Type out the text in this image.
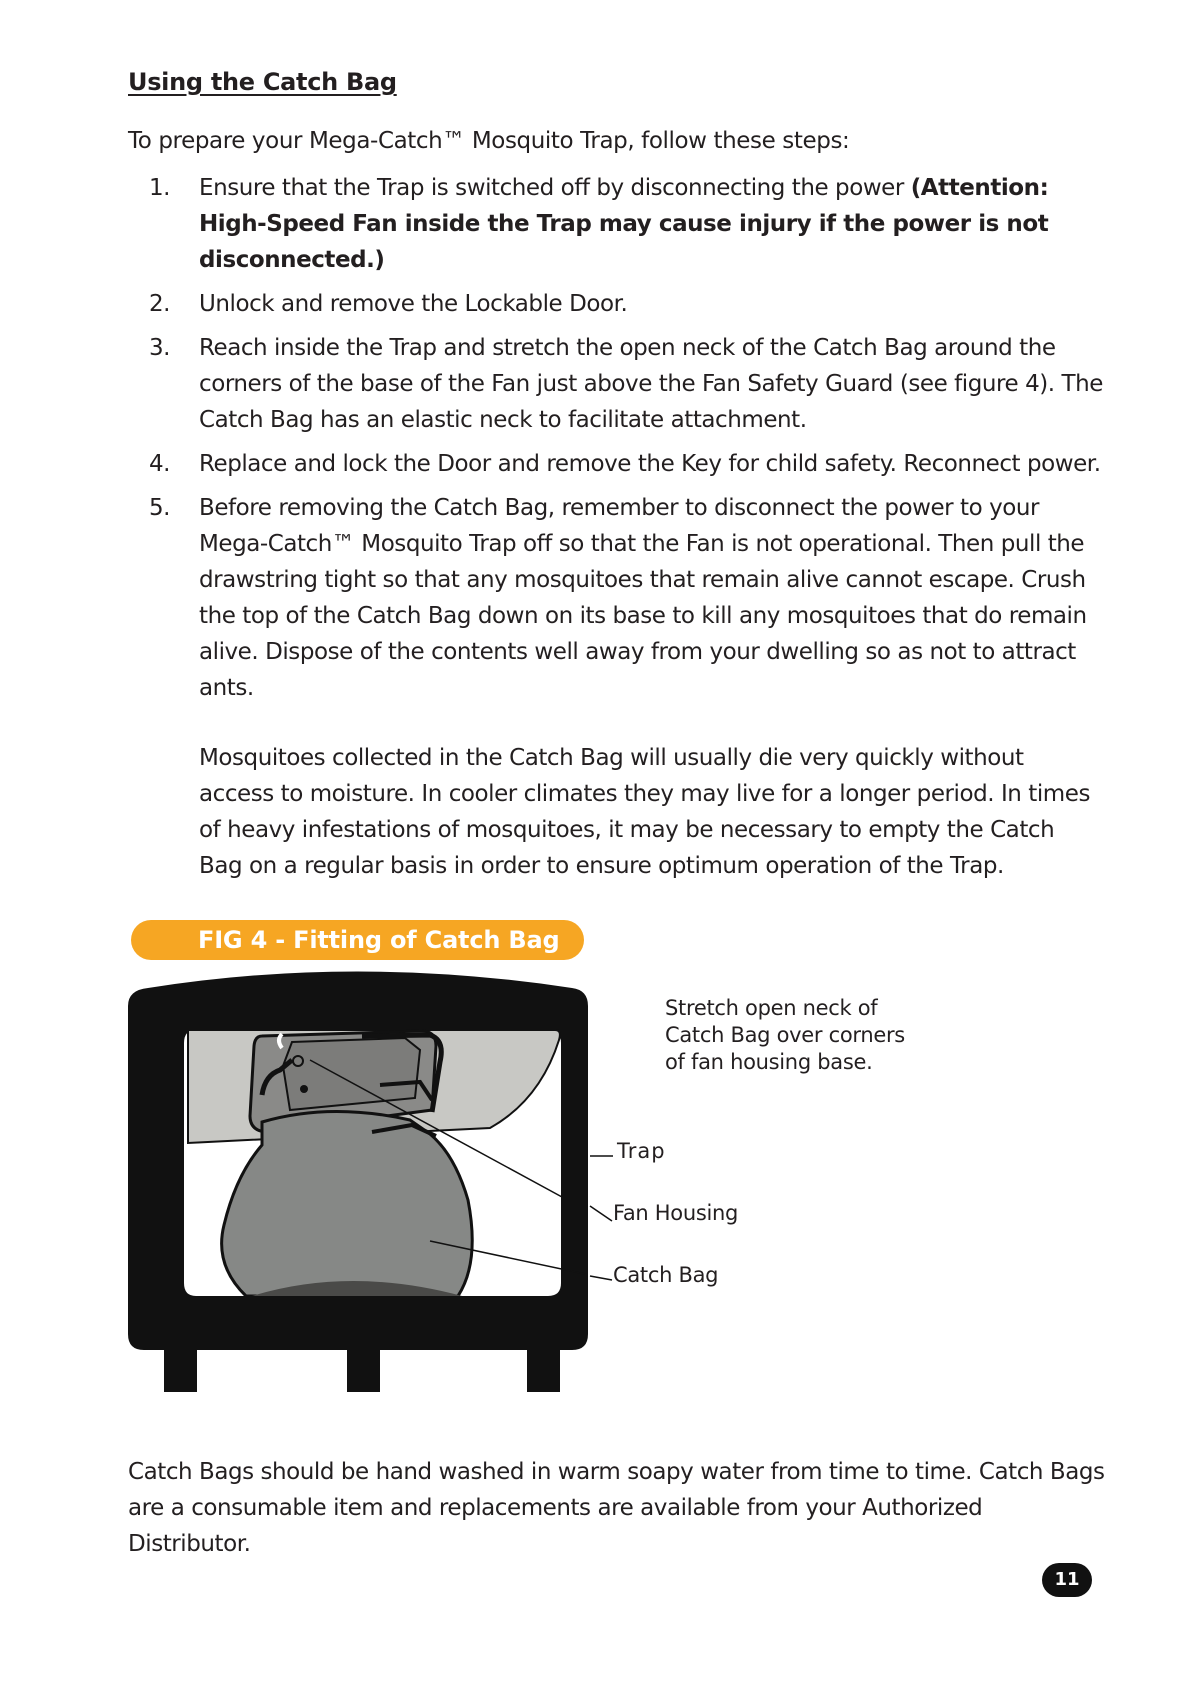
Using the Catch Bag

To prepare your Mega-Catch™ Mosquito Trap, follow these steps:

1. Ensure that the Trap is switched off by disconnecting the power (Attention: High-Speed Fan inside the Trap may cause injury if the power is not disconnected.)
2. Unlock and remove the Lockable Door.
3. Reach inside the Trap and stretch the open neck of the Catch Bag around the corners of the base of the Fan just above the Fan Safety Guard (see figure 4). The Catch Bag has an elastic neck to facilitate attachment.
4. Replace and lock the Door and remove the Key for child safety. Reconnect power.
5. Before removing the Catch Bag, remember to disconnect the power to your Mega-Catch™ Mosquito Trap off so that the Fan is not operational. Then pull the drawstring tight so that any mosquitoes that remain alive cannot escape. Crush the top of the Catch Bag down on its base to kill any mosquitoes that do remain alive. Dispose of the contents well away from your dwelling so as not to attract ants.
Mosquitoes collected in the Catch Bag will usually die very quickly without access to moisture. In cooler climates they may live for a longer period. In times of heavy infestations of mosquitoes, it may be necessary to empty the Catch Bag on a regular basis in order to ensure optimum operation of the Trap.
FIG 4 - Fitting of Catch Bag
Stretch open neck of
Catch Bag over corners
of fan housing base.
Trap
Fan Housing
Catch Bag

Catch Bags should be hand washed in warm soapy water from time to time. Catch Bags are a consumable item and replacements are available from your Authorized Distributor.

11
